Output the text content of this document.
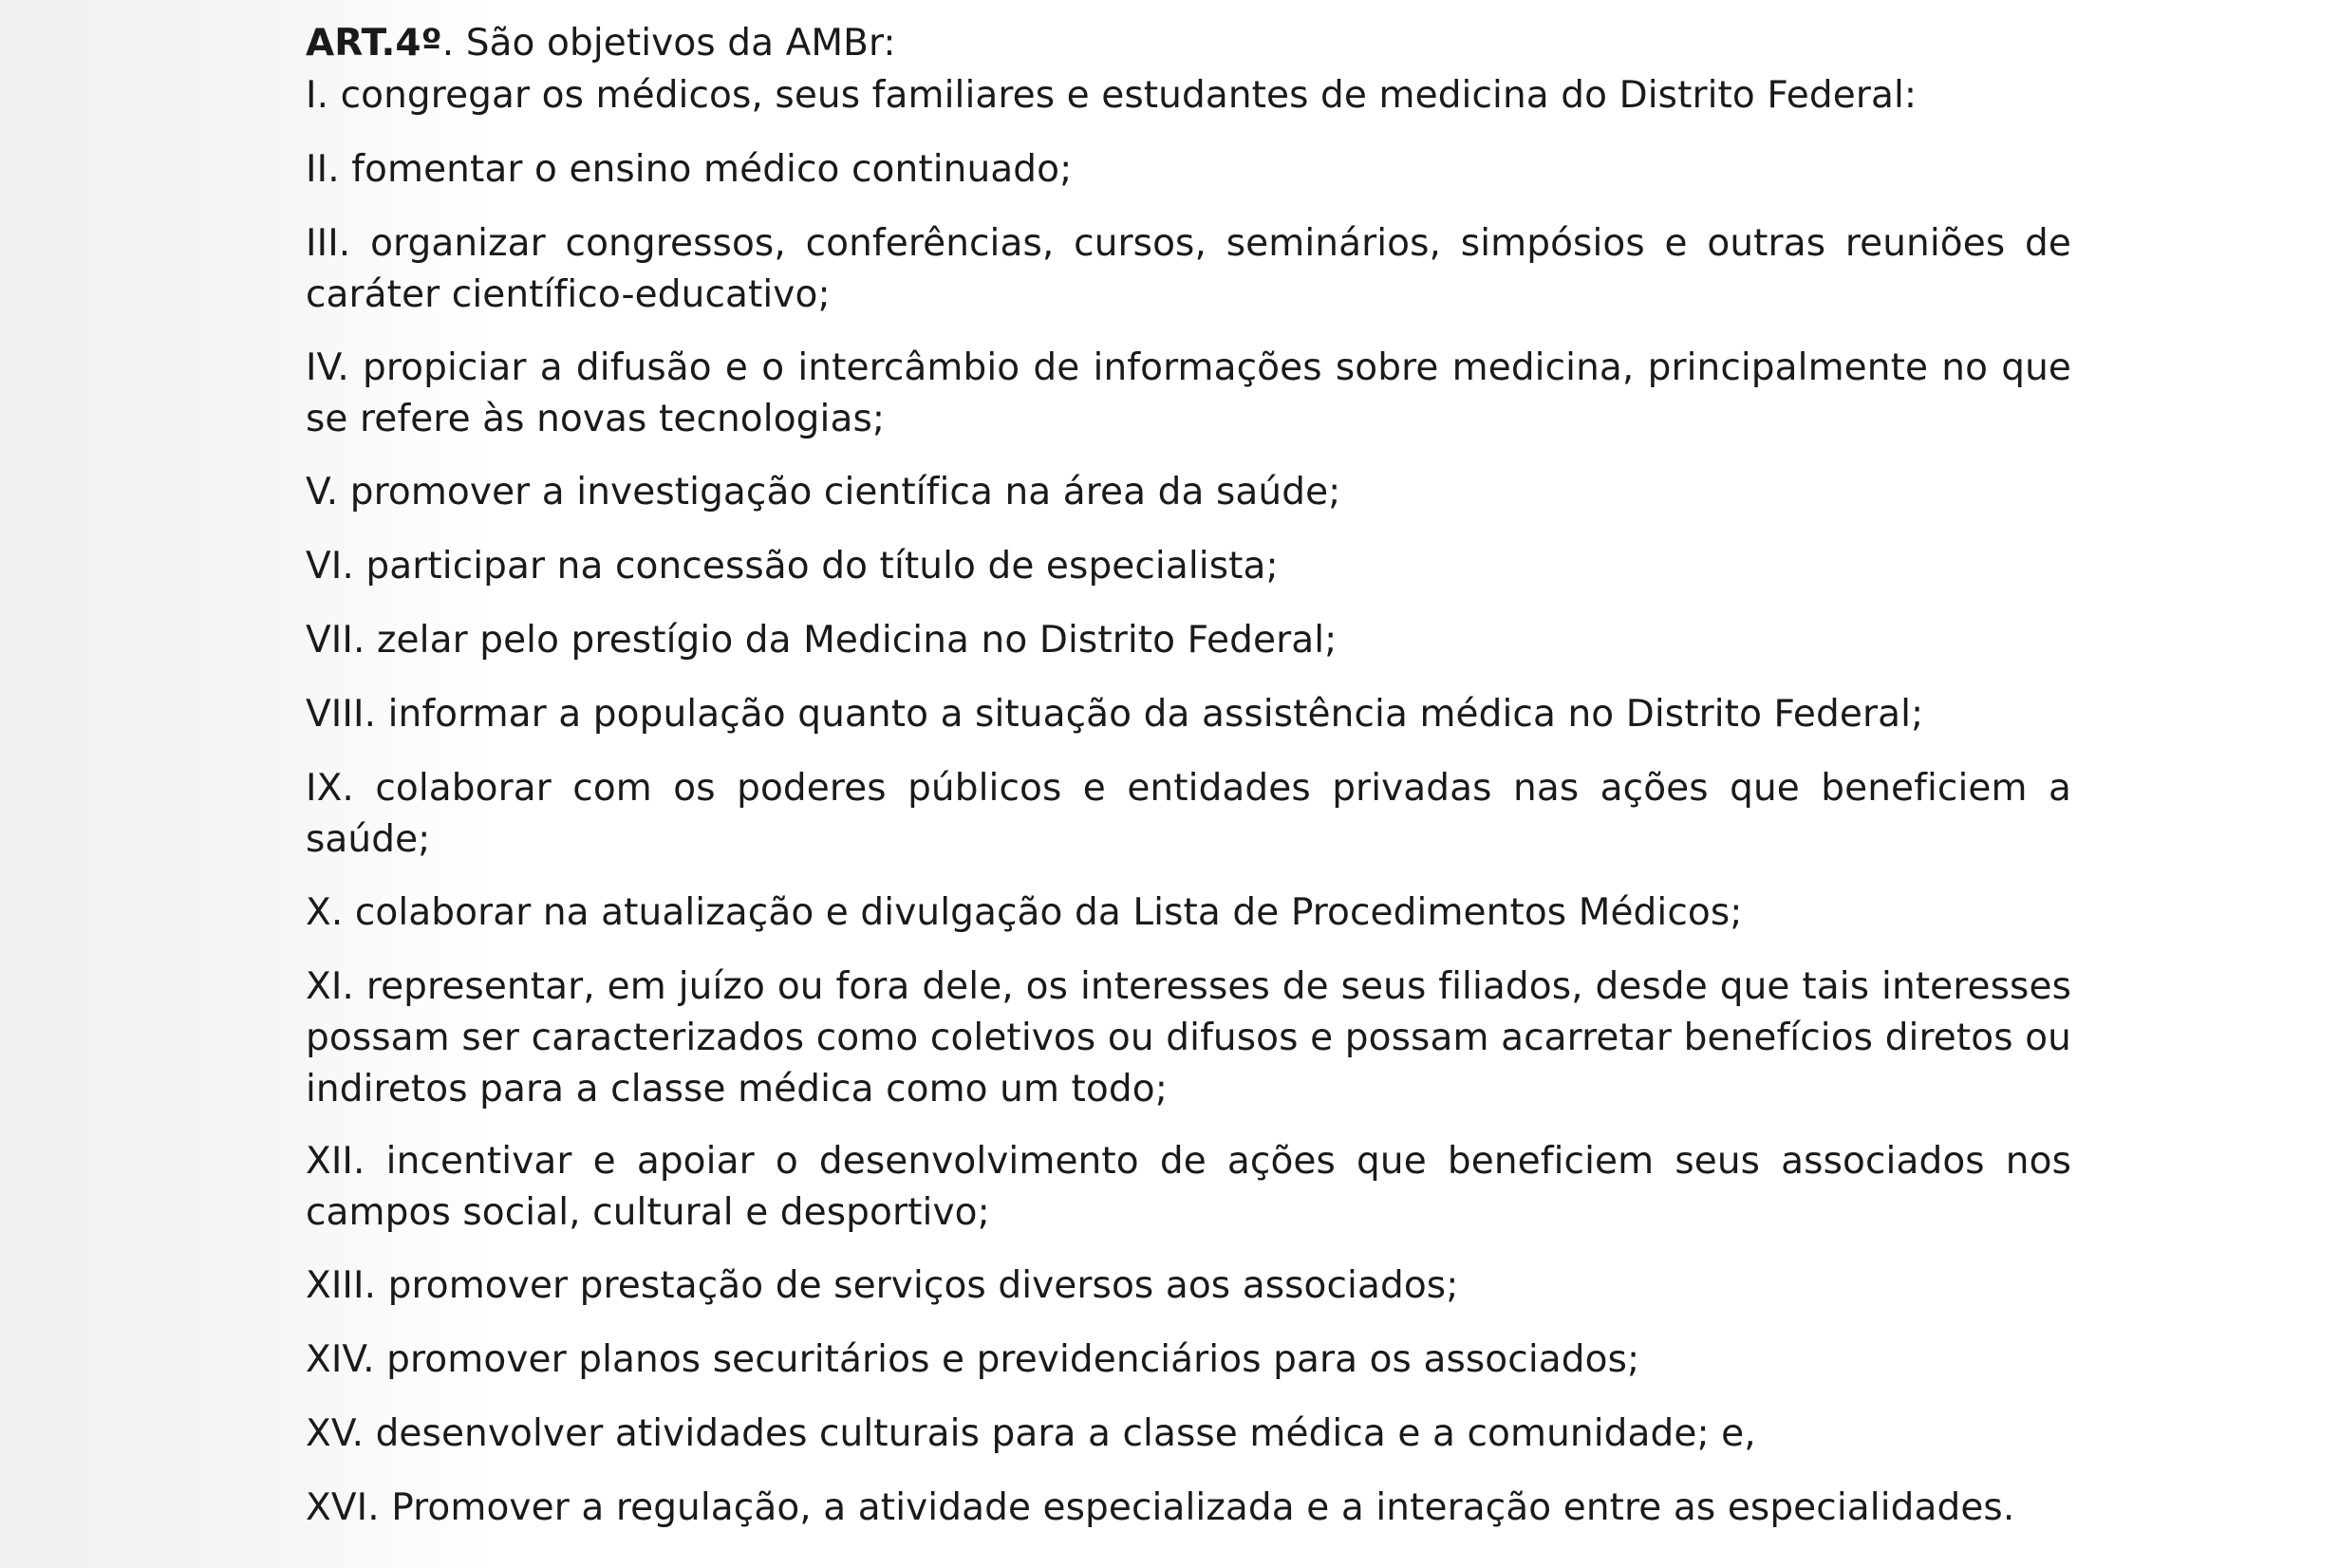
ART.4º. São objetivos da AMBr:

I. congregar os médicos, seus familiares e estudantes de medicina do Distrito Federal:

II. fomentar o ensino médico continuado;

III. organizar congressos, conferências, cursos, seminários, simpósios e outras reuniões de caráter científico-educativo;

IV. propiciar a difusão e o intercâmbio de informações sobre medicina, principalmente no que se refere às novas tecnologias;

V. promover a investigação científica na área da saúde;

VI. participar na concessão do título de especialista;

VII. zelar pelo prestígio da Medicina no Distrito Federal;

VIII. informar a população quanto a situação da assistência médica no Distrito Federal;

IX. colaborar com os poderes públicos e entidades privadas nas ações que beneficiem a saúde;

X. colaborar na atualização e divulgação da Lista de Procedimentos Médicos;

XI. representar, em juízo ou fora dele, os interesses de seus filiados, desde que tais interesses possam ser caracterizados como coletivos ou difusos e possam acarretar benefícios diretos ou indiretos para a classe médica como um todo;

XII. incentivar e apoiar o desenvolvimento de ações que beneficiem seus associados nos campos social, cultural e desportivo;

XIII. promover prestação de serviços diversos aos associados;

XIV. promover planos securitários e previdenciários para os associados;

XV. desenvolver atividades culturais para a classe médica e a comunidade; e,

XVI. Promover a regulação, a atividade especializada e a interação entre as especialidades.
